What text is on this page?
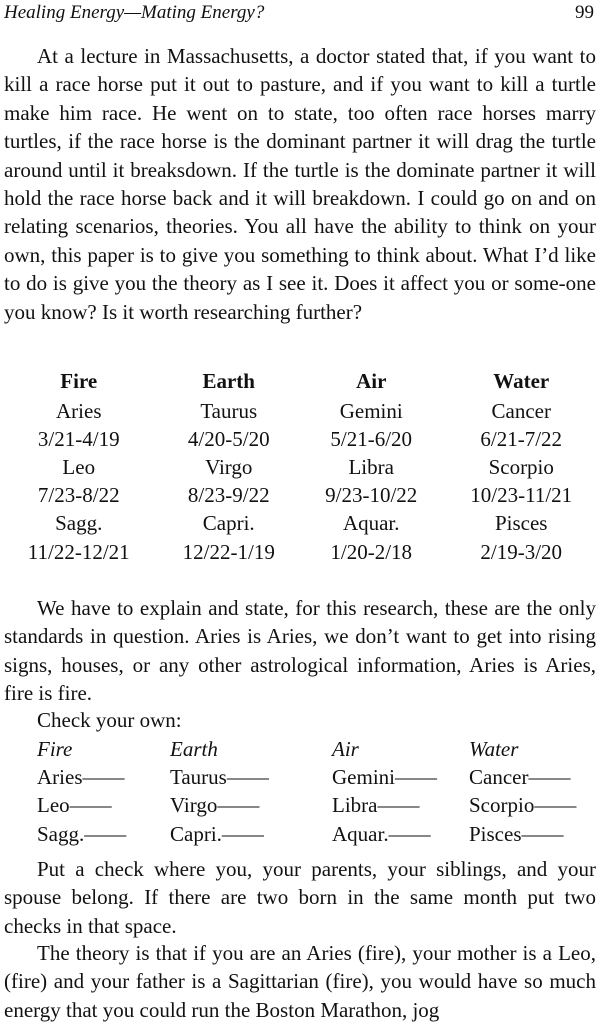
Healing Energy—Mating Energy?	99

At a lecture in Massachusetts, a doctor stated that, if you want to kill a race horse put it out to pasture, and if you want to kill a turtle make him race. He went on to state, too often race horses marry turtles, if the race horse is the dominant partner it will drag the turtle around until it breaksdown. If the turtle is the dominate partner it will hold the race horse back and it will breakdown. I could go on and on relating scenarios, theories. You all have the ability to think on your own, this paper is to give you something to think about. What I’d like to do is give you the theory as I see it. Does it affect you or some-one you know? Is it worth researching further?

Fire	Earth	Air	Water
Aries	Taurus	Gemini	Cancer
3/21-4/19	4/20-5/20	5/21-6/20	6/21-7/22
Leo	Virgo	Libra	Scorpio
7/23-8/22	8/23-9/22	9/23-10/22	10/23-11/21
Sagg.	Capri.	Aquar.	Pisces
11/22-12/21	12/22-1/19	1/20-2/18	2/19-3/20

We have to explain and state, for this research, these are the only standards in question. Aries is Aries, we don’t want to get into rising signs, houses, or any other astrological information, Aries is Aries, fire is fire.

Check your own:
Fire	Earth	Air	Water
Aries——	Taurus——	Gemini——	Cancer——
Leo——	Virgo——	Libra——	Scorpio——
Sagg.——	Capri.——	Aquar.——	Pisces——

Put a check where you, your parents, your siblings, and your spouse belong. If there are two born in the same month put two checks in that space.

The theory is that if you are an Aries (fire), your mother is a Leo, (fire) and your father is a Sagittarian (fire), you would have so much energy that you could run the Boston Marathon, jog
